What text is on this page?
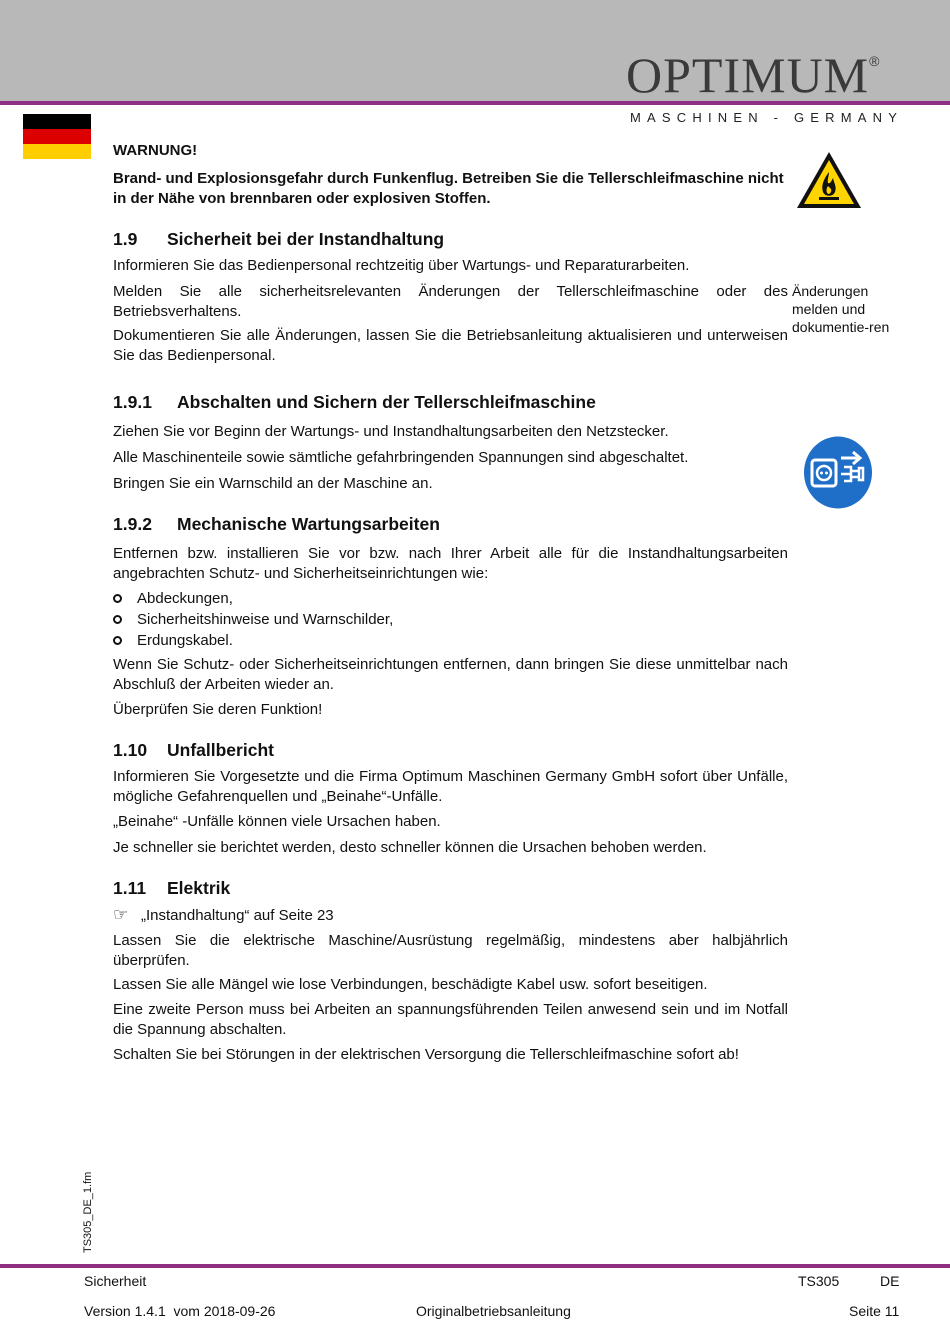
OPTIMUM®
MASCHINEN - GERMANY
WARNUNG!
Brand- und Explosionsgefahr durch Funkenflug. Betreiben Sie die Tellerschleifmaschine nicht in der Nähe von brennbaren oder explosiven Stoffen.
1.9 Sicherheit bei der Instandhaltung
Informieren Sie das Bedienpersonal rechtzeitig über Wartungs- und Reparaturarbeiten.
Melden Sie alle sicherheitsrelevanten Änderungen der Tellerschleifmaschine oder des Betriebsverhaltens.
Dokumentieren Sie alle Änderungen, lassen Sie die Betriebsanleitung aktualisieren und unterweisen Sie das Bedienpersonal.
Änderungen melden und dokumentie-ren
1.9.1 Abschalten und Sichern der Tellerschleifmaschine
Ziehen Sie vor Beginn der Wartungs- und Instandhaltungsarbeiten den Netzstecker.
Alle Maschinenteile sowie sämtliche gefahrbringenden Spannungen sind abgeschaltet.
Bringen Sie ein Warnschild an der Maschine an.
1.9.2 Mechanische Wartungsarbeiten
Entfernen bzw. installieren Sie vor bzw. nach Ihrer Arbeit alle für die Instandhaltungsarbeiten angebrachten Schutz- und Sicherheitseinrichtungen wie:
Abdeckungen,
Sicherheitshinweise und Warnschilder,
Erdungskabel.
Wenn Sie Schutz- oder Sicherheitseinrichtungen entfernen, dann bringen Sie diese unmittelbar nach Abschluß der Arbeiten wieder an.
Überprüfen Sie deren Funktion!
1.10 Unfallbericht
Informieren Sie Vorgesetzte und die Firma Optimum Maschinen Germany GmbH sofort über Unfälle, mögliche Gefahrenquellen und „Beinahe“-Unfälle.
„Beinahe“ -Unfälle können viele Ursachen haben.
Je schneller sie berichtet werden, desto schneller können die Ursachen behoben werden.
1.11 Elektrik
☞ „Instandhaltung“ auf Seite 23
Lassen Sie die elektrische Maschine/Ausrüstung regelmäßig, mindestens aber halbjährlich überprüfen.
Lassen Sie alle Mängel wie lose Verbindungen, beschädigte Kabel usw. sofort beseitigen.
Eine zweite Person muss bei Arbeiten an spannungsführenden Teilen anwesend sein und im Notfall die Spannung abschalten.
Schalten Sie bei Störungen in der elektrischen Versorgung die Tellerschleifmaschine sofort ab!
TS305_DE_1.fm
Sicherheit	TS305	DE
Version 1.4.1  vom 2018-09-26	Originalbetriebsanleitung	Seite 11
